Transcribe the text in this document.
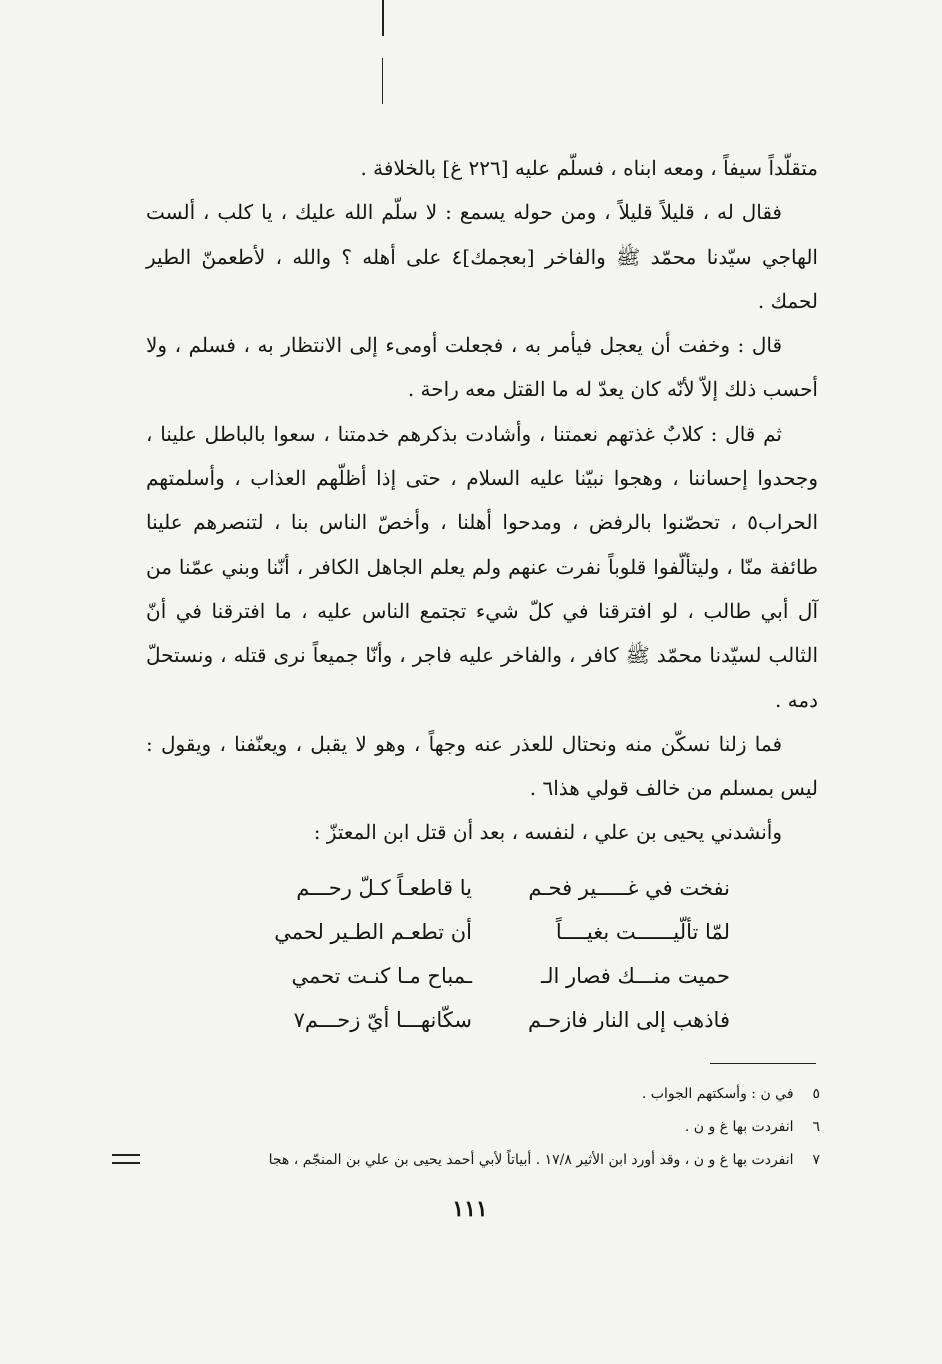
متقلّداً سيفاً ، ومعه ابناه ، فسلّم عليه [٢٢٦ غ] بالخلافة .

فقال له ، قليلاً قليلاً ، ومن حوله يسمع : لا سلّم الله عليك ، يا كلب ، ألست الهاجي سيّدنا محمّد ﷺ والفاخر [بعجمك]٤ على أهله ؟ والله ، لأطعمنّ الطير لحمك .

قال : وخفت أن يعجل فيأمر به ، فجعلت أومىء إلى الانتظار به ، فسلم ، ولا أحسب ذلك إلاّ لأنّه كان يعدّ له ما القتل معه راحة .

ثم قال : كلابٌ غذتهم نعمتنا ، وأشادت بذكرهم خدمتنا ، سعوا بالباطل علينا ، وجحدوا إحساننا ، وهجوا نبيّنا عليه السلام ، حتى إذا أظلّهم العذاب ، وأسلمتهم الحراب٥ ، تحصّنوا بالرفض ، ومدحوا أهلنا ، وأخصّ الناس بنا ، لتنصرهم علينا طائفة منّا ، وليتألّفوا قلوباً نفرت عنهم ولم يعلم الجاهل الكافر ، أنّنا وبني عمّنا من آل أبي طالب ، لو افترقنا في كلّ شيء تجتمع الناس عليه ، ما افترقنا في أنّ الثالب لسيّدنا محمّد ﷺ كافر ، والفاخر عليه فاجر ، وأنّا جميعاً نرى قتله ، ونستحلّ دمه .

فما زلنا نسكّن منه ونحتال للعذر عنه وجهاً ، وهو لا يقبل ، ويعنّفنا ، ويقول : ليس بمسلم من خالف قولي هذا٦ .

وأنشدني يحيى بن علي ، لنفسه ، بعد أن قتل ابن المعتزّ :

نفخت في غـــــير فحـم
يا قاطعـاً كـلّ رحـــم
لمّا تألّيــــــت بغيــــاً
أن تطعـم الطـير لحمي
حميت منـــك فصار الـ
ـمباح مـا كنـت تحمي
فاذهب إلى النار فازحـم
سكّانهـــا أيّ زحـــم٧
٥ في ن : وأسكتهم الجواب .
٦ انفردت بها غ و ن .
٧ انفردت بها غ و ن ، وقد أورد ابن الأثير ١٧/٨ . أبياتاً لأبي أحمد يحيى بن علي بن المنجّم ، هجا
١١١
